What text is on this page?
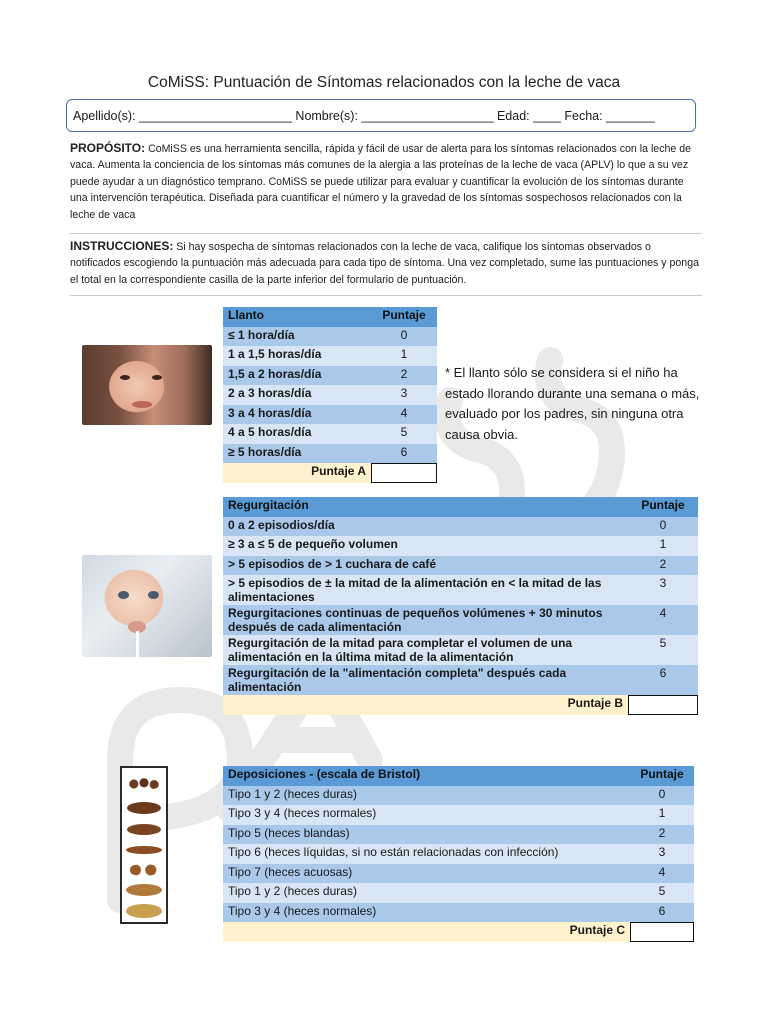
CoMiSS: Puntuación de Síntomas relacionados con la leche de vaca
Apellido(s): ______________________ Nombre(s): ___________________ Edad: ____ Fecha: _______
PROPÓSITO: CoMiSS es una herramienta sencilla, rápida y fácil de usar de alerta para los síntomas relacionados con la leche de vaca. Aumenta la conciencia de los síntomas más comunes de la alergia a las proteínas de la leche de vaca (APLV) lo que a su vez puede ayudar a un diagnóstico temprano. CoMiSS se puede utilizar para evaluar y cuantificar la evolución de los síntomas durante una intervención terapéutica. Diseñada para cuantificar el número y la gravedad de los síntomas sospechosos relacionados con la leche de vaca
INSTRUCCIONES: Si hay sospecha de síntomas relacionados con la leche de vaca, califique los síntomas observados o notificados escogiendo la puntuación más adecuada para cada tipo de síntoma. Una vez completado, sume las puntuaciones y ponga el total en la correspondiente casilla de la parte inferior del formulario de puntuación.
Llanto	Puntaje
≤ 1 hora/día	0
1 a 1,5 horas/día	1
1,5 a 2 horas/día	2
2 a 3 horas/día	3
3 a 4 horas/día	4
4 a 5 horas/día	5
≥ 5 horas/día	6
Puntaje A	
* El llanto sólo se considera si el niño ha estado llorando durante una semana o más, evaluado por los padres, sin ninguna otra causa obvia.
Regurgitación	Puntaje
0 a 2 episodios/día	0
≥ 3 a ≤ 5 de pequeño volumen	1
> 5 episodios de > 1 cuchara de café	2
> 5 episodios de ± la mitad de la alimentación en < la mitad de las alimentaciones	3
Regurgitaciones continuas de pequeños volúmenes + 30 minutos después de cada alimentación	4
Regurgitación de la mitad para completar el volumen de una alimentación en la última mitad de la alimentación	5
Regurgitación de la "alimentación completa" después cada alimentación	6
Puntaje B	
Deposiciones - (escala de Bristol)	Puntaje
Tipo 1 y 2 (heces duras)	0
Tipo 3 y 4 (heces normales)	1
Tipo 5 (heces blandas)	2
Tipo 6 (heces líquidas, si no están relacionadas con infección)	3
Tipo 7 (heces acuosas)	4
Tipo 1 y 2 (heces duras)	5
Tipo 3 y 4 (heces normales)	6
Puntaje C	
